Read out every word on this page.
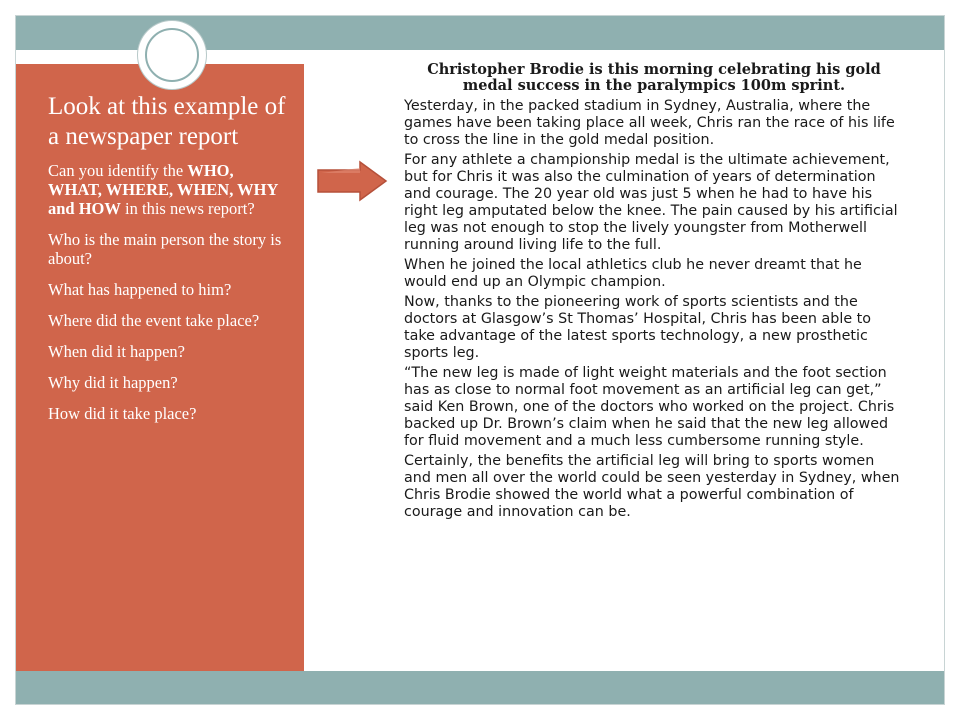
Look at this example of a newspaper report
Can you identify the WHO, WHAT, WHERE, WHEN, WHY and HOW in this news report?
Who is the main person the story is about?
What has happened to him?
Where did the event take place?
When did it happen?
Why did it happen?
How did it take place?
Christopher Brodie is this morning celebrating his gold medal success in the paralympics 100m sprint.
Yesterday, in the packed stadium in Sydney, Australia, where the games have been taking place all week, Chris ran the race of his life to cross the line in the gold medal position.
For any athlete a championship medal is the ultimate achievement, but for Chris it was also the culmination of years of determination and courage. The 20 year old was just 5 when he had to have his right leg amputated below the knee. The pain caused by his artificial leg was not enough to stop the lively youngster from Motherwell running around living life to the full.
When he joined the local athletics club he never dreamt that he would end up an Olympic champion.
Now, thanks to the pioneering work of sports scientists and the doctors at Glasgow’s St Thomas’ Hospital, Chris has been able to take advantage of the latest sports technology, a new prosthetic sports leg.
“The new leg is made of light weight materials and the foot section has as close to normal foot movement as an artificial leg can get,” said Ken Brown, one of the doctors who worked on the project. Chris backed up Dr. Brown’s claim when he said that the new leg allowed for fluid movement and a much less cumbersome running style.
Certainly, the benefits the artificial leg will bring to sports women and men all over the world could be seen yesterday in Sydney, when Chris Brodie showed the world what a powerful combination of courage and innovation can be.
